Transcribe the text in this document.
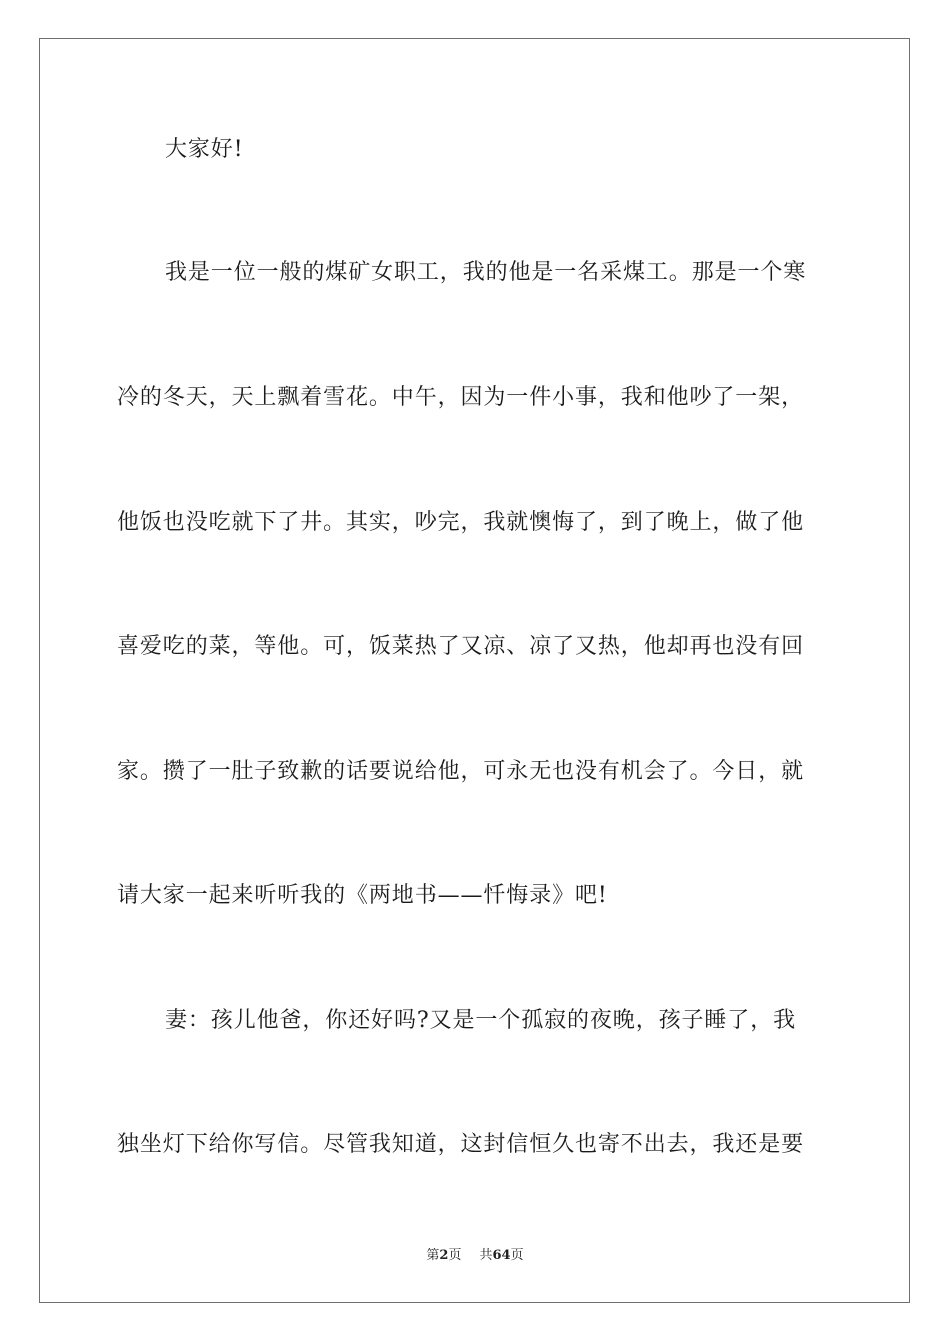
大家好!
我是一位一般的煤矿女职工，我的他是一名采煤工。那是一个寒
冷的冬天，天上飘着雪花。中午，因为一件小事，我和他吵了一架，
他饭也没吃就下了井。其实，吵完，我就懊悔了，到了晚上，做了他
喜爱吃的菜，等他。可，饭菜热了又凉、凉了又热，他却再也没有回
家。攒了一肚子致歉的话要说给他，可永无也没有机会了。今日，就
请大家一起来听听我的《两地书——忏悔录》吧!
妻：孩儿他爸，你还好吗?又是一个孤寂的夜晚，孩子睡了，我
独坐灯下给你写信。尽管我知道，这封信恒久也寄不出去，我还是要
第2页 共64页
